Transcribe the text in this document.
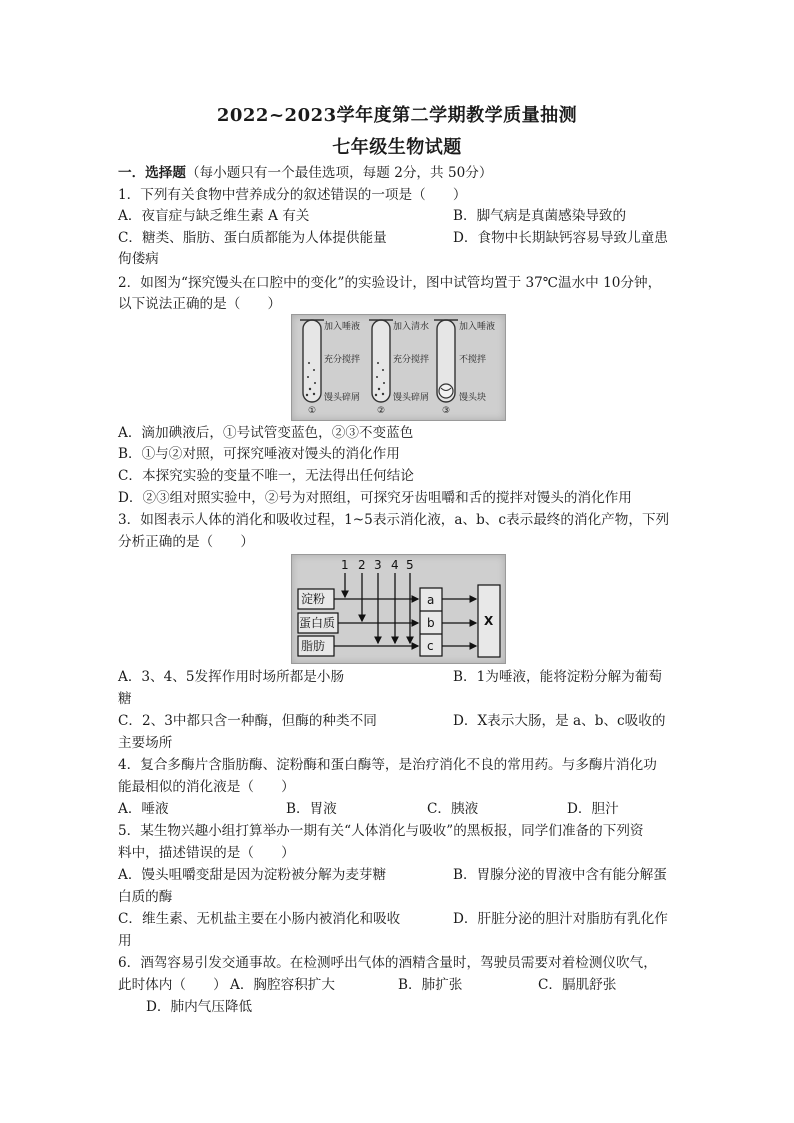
2022~2023学年度第二学期教学质量抽测
七年级生物试题
一．选择题（每小题只有一个最佳选项，每题 2分，共 50分）
1．下列有关食物中营养成分的叙述错误的一项是（　　）
A．夜盲症与缺乏维生素 A 有关	B．脚气病是真菌感染导致的
C．糖类、脂肪、蛋白质都能为人体提供能量	D．食物中长期缺钙容易导致儿童患
佝偻病
2．如图为“探究馒头在口腔中的变化”的实验设计，图中试管均置于 37℃温水中 10分钟，
以下说法正确的是（　　）
加入唾液
充分搅拌
馒头碎屑
①
加入清水
充分搅拌
馒头碎屑
②
加入唾液
不搅拌
馒头块
③
A．滴加碘液后，①号试管变蓝色，②③不变蓝色
B．①与②对照，可探究唾液对馒头的消化作用
C．本探究实验的变量不唯一，无法得出任何结论
D．②③组对照实验中，②号为对照组，可探究牙齿咀嚼和舌的搅拌对馒头的消化作用
3．如图表示人体的消化和吸收过程，1~5表示消化液，a、b、c表示最终的消化产物，下列
分析正确的是（　　）
1 2 3 4 5
淀粉
蛋白质
脂肪
a
b
c
X
A．3、4、5发挥作用时场所都是小肠	B．1为唾液，能将淀粉分解为葡萄
糖
C．2、3中都只含一种酶，但酶的种类不同	D．X表示大肠，是 a、b、c吸收的
主要场所
4．复合多酶片含脂肪酶、淀粉酶和蛋白酶等，是治疗消化不良的常用药。与多酶片消化功
能最相似的消化液是（　　）
A．唾液	B．胃液	C．胰液	D．胆汁
5．某生物兴趣小组打算举办一期有关“人体消化与吸收”的黑板报，同学们准备的下列资
料中，描述错误的是（　　）
A．馒头咀嚼变甜是因为淀粉被分解为麦芽糖	B．胃腺分泌的胃液中含有能分解蛋
白质的酶
C．维生素、无机盐主要在小肠内被消化和吸收	D．肝脏分泌的胆汁对脂肪有乳化作
用
6．酒驾容易引发交通事故。在检测呼出气体的酒精含量时，驾驶员需要对着检测仪吹气，
此时体内（　　） A．胸腔容积扩大	B．肺扩张	C．膈肌舒张
D．肺内气压降低
